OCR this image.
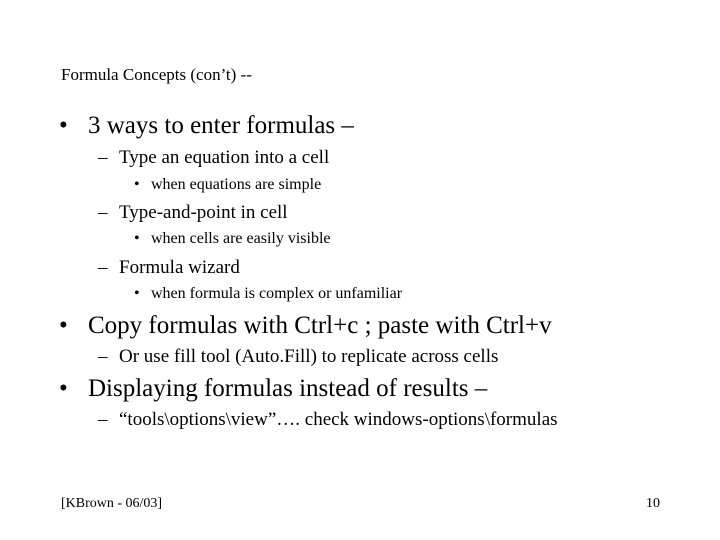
Formula Concepts (con’t) --
• 3 ways to enter formulas –
– Type an equation into a cell
• when equations are simple
– Type-and-point in cell
• when cells are easily visible
– Formula wizard
• when formula is complex or unfamiliar
• Copy formulas with Ctrl+c ; paste with Ctrl+v
– Or use fill tool (Auto.Fill) to replicate across cells
• Displaying formulas instead of results –
– “tools\options\view”…. check windows-options\formulas
[KBrown - 06/03]	10
